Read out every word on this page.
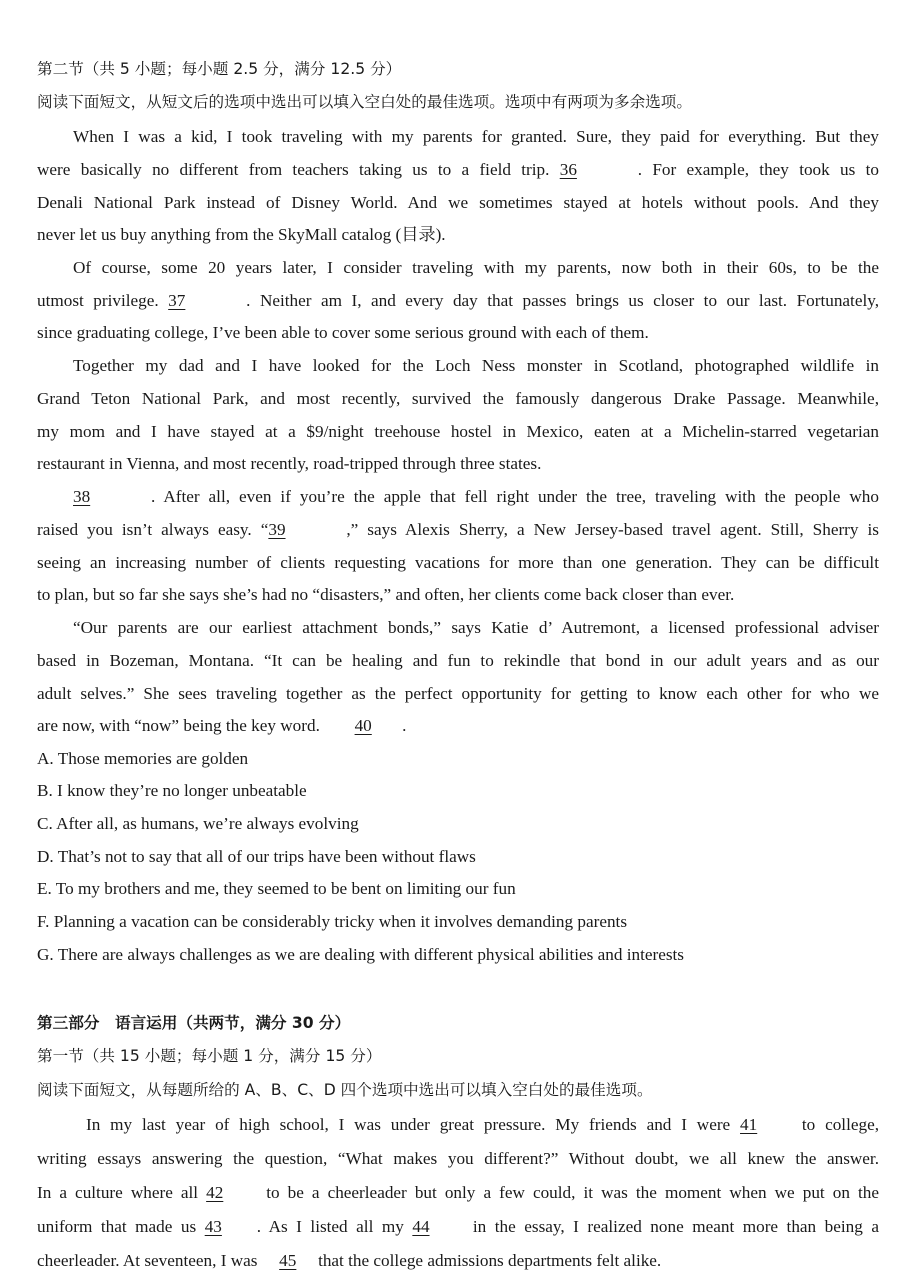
第二节（共 5 小题；每小题 2.5 分，满分 12.5 分）
阅读下面短文，从短文后的选项中选出可以填入空白处的最佳选项。选项中有两项为多余选项。
When I was a kid, I took traveling with my parents for granted. Sure, they paid for everything. But they
were basically no different from teachers taking us to a field trip. 36	. For example, they took us to
Denali National Park instead of Disney World. And we sometimes stayed at hotels without pools. And they
never let us buy anything from the SkyMall catalog (目录).
Of course, some 20 years later, I consider traveling with my parents, now both in their 60s, to be the
utmost privilege. 37	. Neither am I, and every day that passes brings us closer to our last. Fortunately,
since graduating college, I’ve been able to cover some serious ground with each of them.
Together my dad and I have looked for the Loch Ness monster in Scotland, photographed wildlife in
Grand Teton National Park, and most recently, survived the famously dangerous Drake Passage. Meanwhile,
my mom and I have stayed at a $9/night treehouse hostel in Mexico, eaten at a Michelin-starred vegetarian
restaurant in Vienna, and most recently, road-tripped through three states.
38	. After all, even if you’re the apple that fell right under the tree, traveling with the people who
raised you isn’t always easy. “39	,” says Alexis Sherry, a New Jersey-based travel agent. Still, Sherry is
seeing an increasing number of clients requesting vacations for more than one generation. They can be difficult
to plan, but so far she says she’s had no “disasters,” and often, her clients come back closer than ever.
“Our parents are our earliest attachment bonds,” says Katie d’ Autremont, a licensed professional adviser
based in Bozeman, Montana. “It can be healing and fun to rekindle that bond in our adult years and as our
adult selves.” She sees traveling together as the perfect opportunity for getting to know each other for who we
are now, with “now” being the key word. 40 .
A. Those memories are golden
B. I know they’re no longer unbeatable
C. After all, as humans, we’re always evolving
D. That’s not to say that all of our trips have been without flaws
E. To my brothers and me, they seemed to be bent on limiting our fun
F. Planning a vacation can be considerably tricky when it involves demanding parents
G. There are always challenges as we are dealing with different physical abilities and interests
第三部分　语言运用（共两节，满分 30 分）
第一节（共 15 小题；每小题 1 分，满分 15 分）
阅读下面短文，从每题所给的 A、B、C、D 四个选项中选出可以填入空白处的最佳选项。
In my last year of high school, I was under great pressure. My friends and I were 41	to college,
writing essays answering the question, “What makes you different?” Without doubt, we all knew the answer.
In a culture where all 42 to be a cheerleader but only a few could, it was the moment when we put on the
uniform that made us 43 . As I listed all my 44	in the essay, I realized none meant more than being a
cheerleader. At seventeen, I was 45 that the college admissions departments felt alike.
